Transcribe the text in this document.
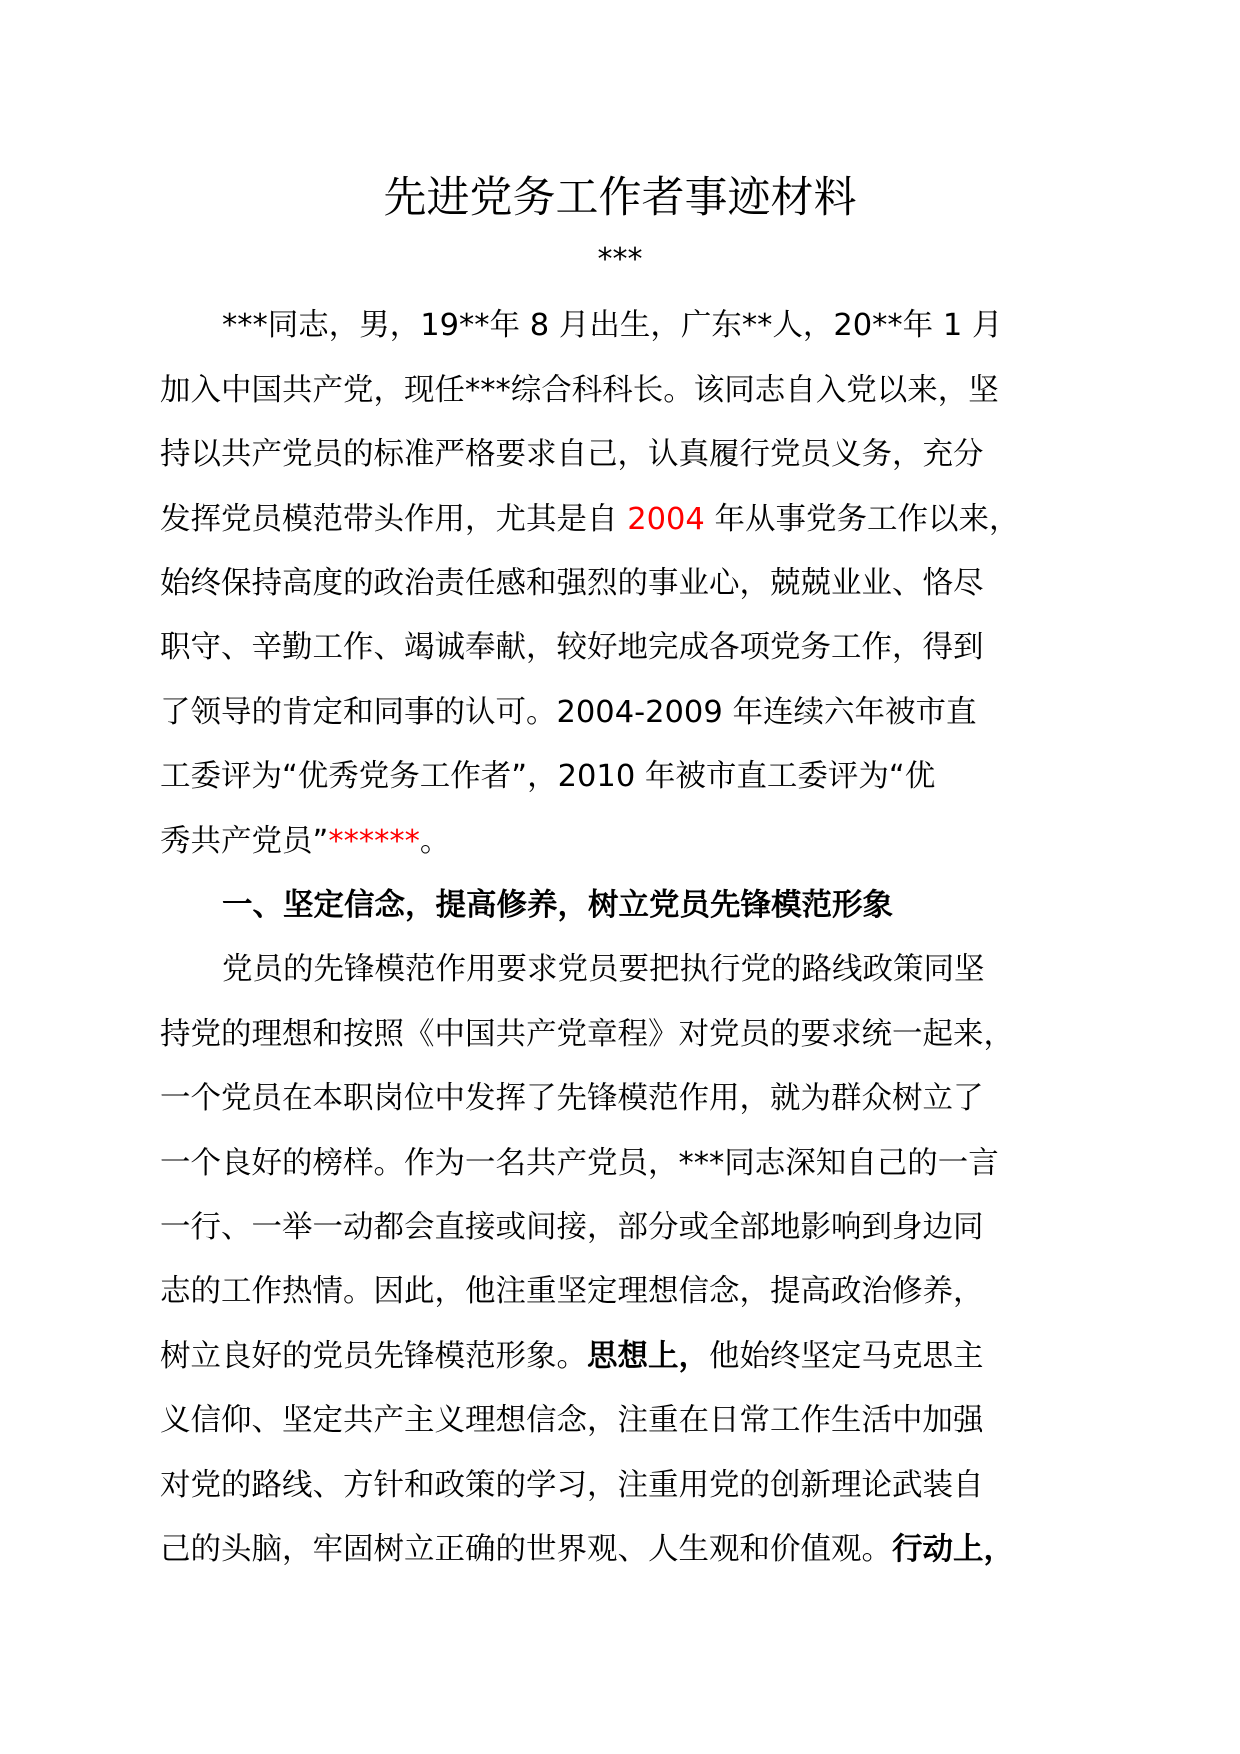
先进党务工作者事迹材料
***
***同志，男，19**年 8 月出生，广东**人，20**年 1 月
加入中国共产党，现任***综合科科长。该同志自入党以来，坚
持以共产党员的标准严格要求自己，认真履行党员义务，充分
发挥党员模范带头作用，尤其是自 2004 年从事党务工作以来，
始终保持高度的政治责任感和强烈的事业心，兢兢业业、恪尽
职守、辛勤工作、竭诚奉献，较好地完成各项党务工作，得到
了领导的肯定和同事的认可。2004-2009 年连续六年被市直
工委评为“优秀党务工作者”，2010 年被市直工委评为“优
秀共产党员”******。
一、坚定信念，提高修养，树立党员先锋模范形象
党员的先锋模范作用要求党员要把执行党的路线政策同坚
持党的理想和按照《中国共产党章程》对党员的要求统一起来，
一个党员在本职岗位中发挥了先锋模范作用，就为群众树立了
一个良好的榜样。作为一名共产党员，***同志深知自己的一言
一行、一举一动都会直接或间接，部分或全部地影响到身边同
志的工作热情。因此，他注重坚定理想信念，提高政治修养，
树立良好的党员先锋模范形象。思想上，他始终坚定马克思主
义信仰、坚定共产主义理想信念，注重在日常工作生活中加强
对党的路线、方针和政策的学习，注重用党的创新理论武装自
己的头脑，牢固树立正确的世界观、人生观和价值观。行动上，
